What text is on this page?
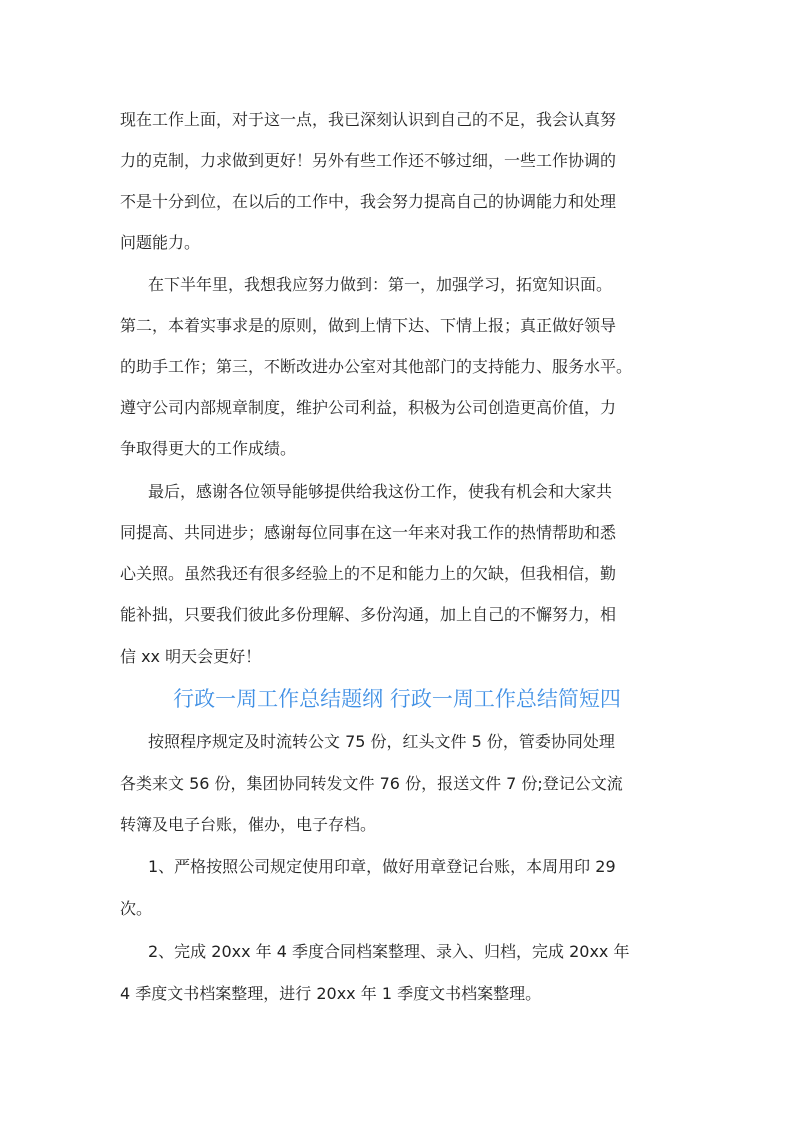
现在工作上面，对于这一点，我已深刻认识到自己的不足，我会认真努
力的克制，力求做到更好！另外有些工作还不够过细，一些工作协调的
不是十分到位，在以后的工作中，我会努力提高自己的协调能力和处理
问题能力。
在下半年里，我想我应努力做到：第一，加强学习，拓宽知识面。
第二，本着实事求是的原则，做到上情下达、下情上报；真正做好领导
的助手工作；第三，不断改进办公室对其他部门的支持能力、服务水平。
遵守公司内部规章制度，维护公司利益，积极为公司创造更高价值，力
争取得更大的工作成绩。
最后，感谢各位领导能够提供给我这份工作，使我有机会和大家共
同提高、共同进步；感谢每位同事在这一年来对我工作的热情帮助和悉
心关照。虽然我还有很多经验上的不足和能力上的欠缺，但我相信，勤
能补拙，只要我们彼此多份理解、多份沟通，加上自己的不懈努力，相
信 xx 明天会更好！
行政一周工作总结题纲 行政一周工作总结简短四
按照程序规定及时流转公文 75 份，红头文件 5 份，管委协同处理
各类来文 56 份，集团协同转发文件 76 份，报送文件 7 份;登记公文流
转簿及电子台账，催办，电子存档。
1、严格按照公司规定使用印章，做好用章登记台账，本周用印 29
次。
2、完成 20xx 年 4 季度合同档案整理、录入、归档，完成 20xx 年
4 季度文书档案整理，进行 20xx 年 1 季度文书档案整理。
